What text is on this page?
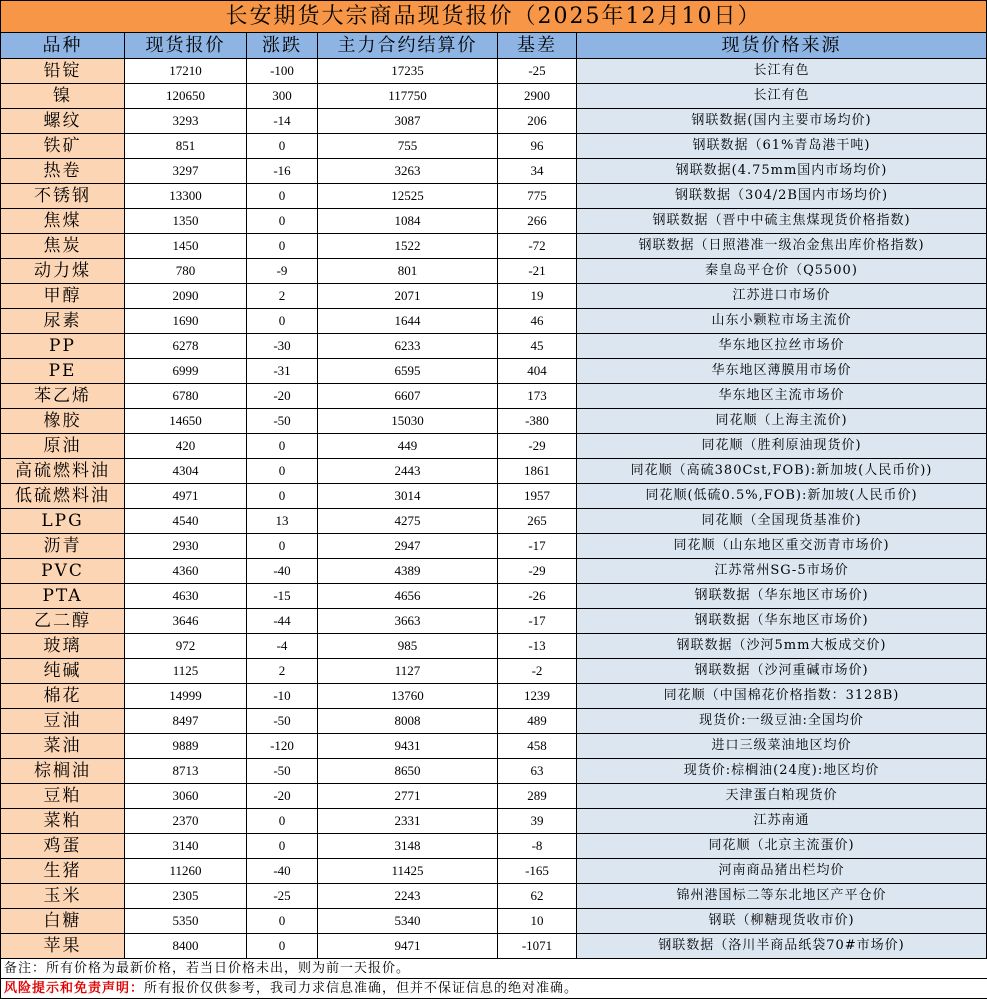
长安期货大宗商品现货报价（2025年12月10日）
品种	现货报价	涨跌	主力合约结算价	基差	现货价格来源
铅锭	17210	-100	17235	-25	长江有色
镍	120650	300	117750	2900	长江有色
螺纹	3293	-14	3087	206	钢联数据(国内主要市场均价)
铁矿	851	0	755	96	钢联数据（61%青岛港干吨)
热卷	3297	-16	3263	34	钢联数据(4.75mm国内市场均价)
不锈钢	13300	0	12525	775	钢联数据（304/2B国内市场均价)
焦煤	1350	0	1084	266	钢联数据（晋中中硫主焦煤现货价格指数)
焦炭	1450	0	1522	-72	钢联数据（日照港准一级冶金焦出库价格指数)
动力煤	780	-9	801	-21	秦皇岛平仓价（Q5500)
甲醇	2090	2	2071	19	江苏进口市场价
尿素	1690	0	1644	46	山东小颗粒市场主流价
PP	6278	-30	6233	45	华东地区拉丝市场价
PE	6999	-31	6595	404	华东地区薄膜用市场价
苯乙烯	6780	-20	6607	173	华东地区主流市场价
橡胶	14650	-50	15030	-380	同花顺（上海主流价)
原油	420	0	449	-29	同花顺（胜利原油现货价)
高硫燃料油	4304	0	2443	1861	同花顺（高硫380Cst,FOB):新加坡(人民币价))
低硫燃料油	4971	0	3014	1957	同花顺(低硫0.5%,FOB):新加坡(人民币价)
LPG	4540	13	4275	265	同花顺（全国现货基准价)
沥青	2930	0	2947	-17	同花顺（山东地区重交沥青市场价)
PVC	4360	-40	4389	-29	江苏常州SG-5市场价
PTA	4630	-15	4656	-26	钢联数据（华东地区市场价)
乙二醇	3646	-44	3663	-17	钢联数据（华东地区市场价)
玻璃	972	-4	985	-13	钢联数据（沙河5mm大板成交价)
纯碱	1125	2	1127	-2	钢联数据（沙河重碱市场价)
棉花	14999	-10	13760	1239	同花顺（中国棉花价格指数：3128B)
豆油	8497	-50	8008	489	现货价:一级豆油:全国均价
菜油	9889	-120	9431	458	进口三级菜油地区均价
棕榈油	8713	-50	8650	63	现货价:棕榈油(24度):地区均价
豆粕	3060	-20	2771	289	天津蛋白粕现货价
菜粕	2370	0	2331	39	江苏南通
鸡蛋	3140	0	3148	-8	同花顺（北京主流蛋价)
生猪	11260	-40	11425	-165	河南商品猪出栏均价
玉米	2305	-25	2243	62	锦州港国标二等东北地区产平仓价
白糖	5350	0	5340	10	钢联（柳糖现货收市价)
苹果	8400	0	9471	-1071	钢联数据（洛川半商品纸袋70#市场价)
备注：所有价格为最新价格，若当日价格未出，则为前一天报价。
风险提示和免责声明：所有报价仅供参考，我司力求信息准确，但并不保证信息的绝对准确。
